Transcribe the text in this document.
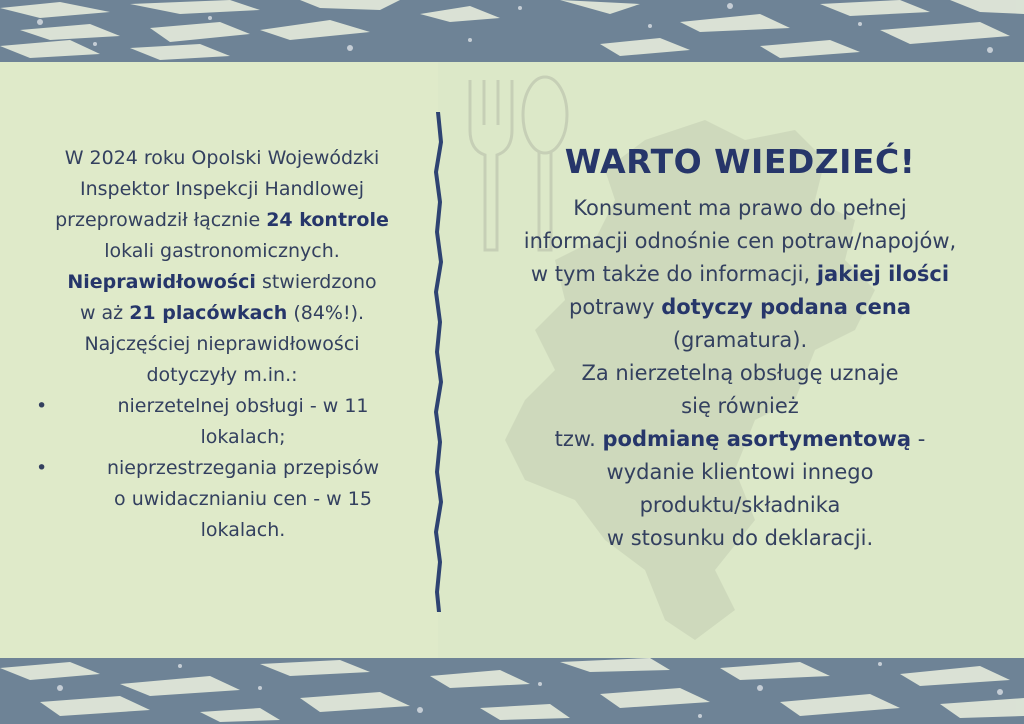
W 2024 roku Opolski Wojewódzki

Inspektor Inspekcji Handlowej

przeprowadził łącznie 24 kontrole

lokali gastronomicznych.

Nieprawidłowości stwierdzono

w aż 21 placówkach (84%!).

Najczęściej nieprawidłowości

dotyczyły m.in.:

•	nierzetelnej obsługi - w 11
lokalach;
•	nieprzestrzegania przepisów
o uwidacznianiu cen - w 15
lokalach.
WARTO WIEDZIEĆ!

Konsument ma prawo do pełnej

informacji odnośnie cen potraw/napojów,

w tym także do informacji, jakiej ilości

potrawy dotyczy podana cena

(gramatura).

Za nierzetelną obsługę uznaje

się również

tzw. podmianę asortymentową -

wydanie klientowi innego

produktu/składnika

w stosunku do deklaracji.
